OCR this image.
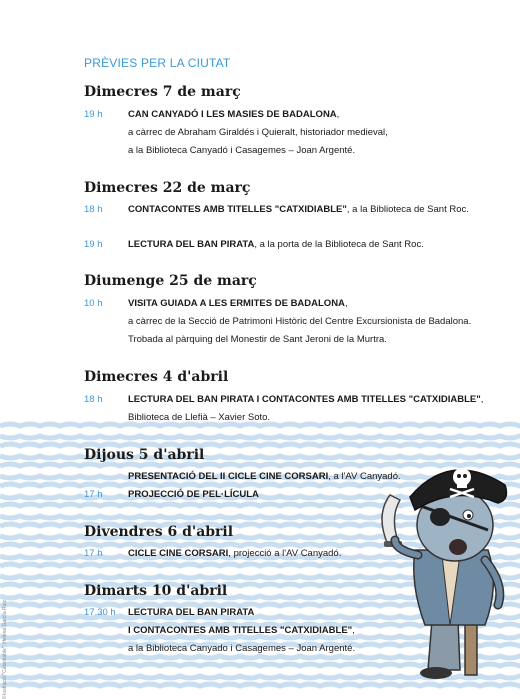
Il·lustració "Catxidiable": Helena García Ruiz
PRÈVIES PER LA CIUTAT
Dimecres 7 de març
19 h	CAN CANYADÓ I LES MASIES DE BADALONA,
a càrrec de Abraham Giraldés i Quieralt, historiador medieval,
a la Biblioteca Canyadó i Casagemes – Joan Argenté.
Dimecres 22 de març
18 h	CONTACONTES AMB TITELLES "CATXIDIABLE", a la Biblioteca de Sant Roc.
19 h	LECTURA DEL BAN PIRATA, a la porta de la Biblioteca de Sant Roc.
Diumenge 25 de març
10 h	VISITA GUIADA A LES ERMITES DE BADALONA,
a càrrec de la Secció de Patrimoni Històric del Centre Excursionista de Badalona.
Trobada al pàrquing del Monestir de Sant Jeroni de la Murtra.
Dimecres 4 d'abril
18 h	LECTURA DEL BAN PIRATA I CONTACONTES AMB TITELLES "CATXIDIABLE",
Biblioteca de Llefià – Xavier Soto.
Dijous 5 d'abril
PRESENTACIÓ DEL II CICLE CINE CORSARI, a l'AV Canyadó.
17 h	PROJECCIÓ DE PEL·LÍCULA
Divendres 6 d'abril
17 h	CICLE CINE CORSARI, projecció a l'AV Canyadó.
Dimarts 10 d'abril
17.30 h	LECTURA DEL BAN PIRATA
I CONTACONTES AMB TITELLES "CATXIDIABLE",
a la Biblioteca Canyado i Casagemes – Joan Argenté.
